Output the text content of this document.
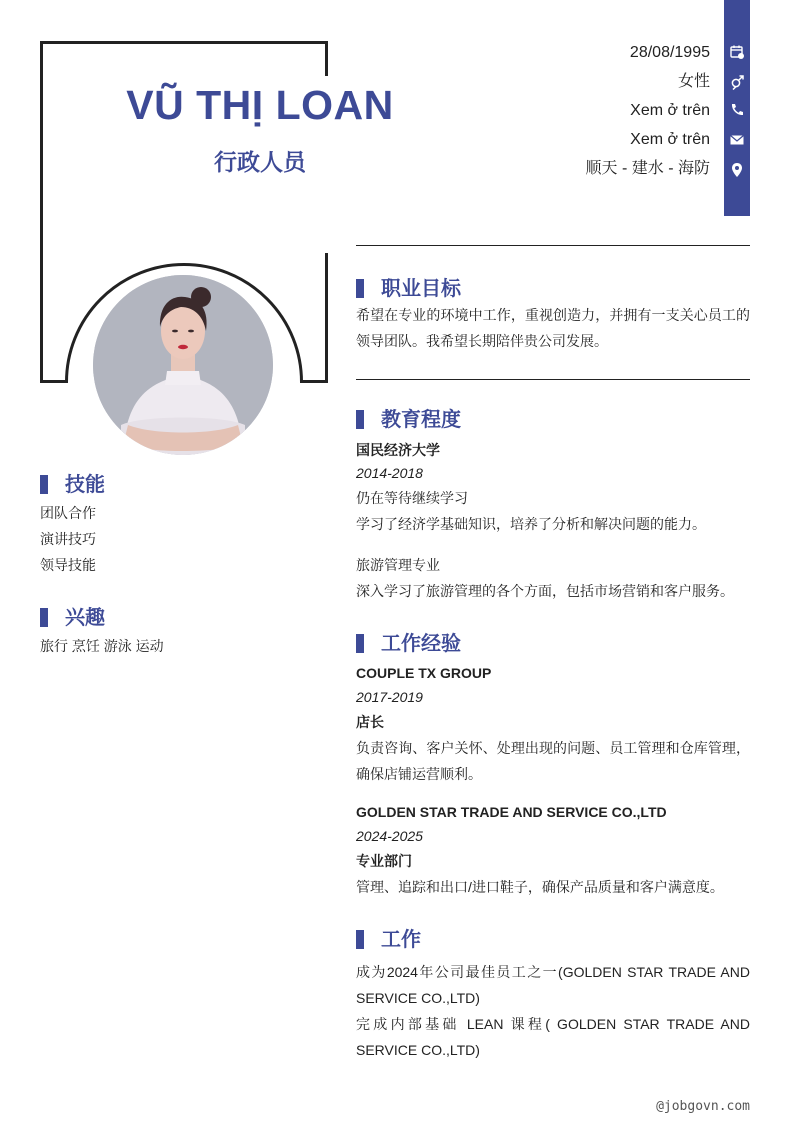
VŨ THỊ LOAN
行政人员
28/08/1995
女性
Xem ở trên
Xem ở trên
顺天 - 建水 - 海防
职业目标
希望在专业的环境中工作，重视创造力，并拥有一支关心员工的领导团队。我希望长期陪伴贵公司发展。
教育程度
国民经济大学
2014-2018
仍在等待继续学习
学习了经济学基础知识，培养了分析和解决问题的能力。
旅游管理专业
深入学习了旅游管理的各个方面，包括市场营销和客户服务。
工作经验
COUPLE TX GROUP
2017-2019
店长
负责咨询、客户关怀、处理出现的问题、员工管理和仓库管理，确保店铺运营顺利。
GOLDEN STAR TRADE AND SERVICE CO.,LTD
2024-2025
专业部门
管理、追踪和出口/进口鞋子，确保产品质量和客户满意度。
工作
成为2024年公司最佳员工之一(GOLDEN STAR TRADE AND SERVICE CO.,LTD)
完成内部基础 LEAN 课程( GOLDEN STAR TRADE AND SERVICE CO.,LTD)
技能
团队合作
演讲技巧
领导技能
兴趣
旅行 烹饪 游泳 运动
@jobgovn.com
